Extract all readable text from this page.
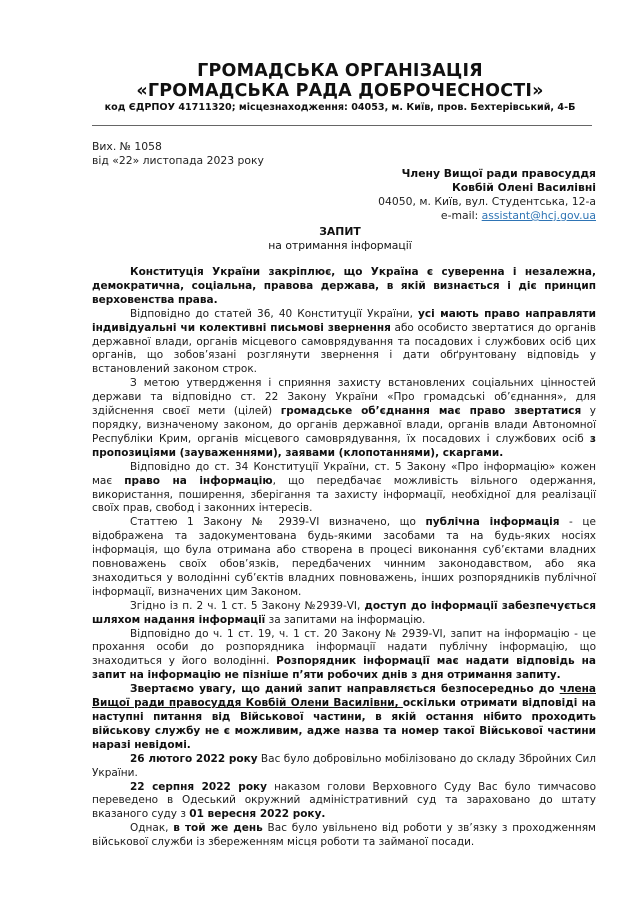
ГРОМАДСЬКА ОРГАНІЗАЦІЯ
«ГРОМАДСЬКА РАДА ДОБРОЧЕСНОСТІ»
код ЄДРПОУ 41711320; місцезнаходження: 04053, м. Київ, пров. Бехтерівський, 4-Б
Вих. № 1058
від «22» листопада 2023 року
Члену Вищої ради правосуддя
Ковбій Олені Василівні
04050, м. Київ, вул. Студентська, 12-а
e-mail: assistant@hcj.gov.ua
ЗАПИТ
на отримання інформації

Конституція України закріплює, що Україна є суверенна і незалежна, демократична, соціальна, правова держава, в якій визнається і діє принцип верховенства права.

Відповідно до статей 36, 40 Конституції України, усі мають право направляти індивідуальні чи колективні письмові звернення або особисто звертатися до органів державної влади, органів місцевого самоврядування та посадових і службових осіб цих органів, що зобов’язані розглянути звернення і дати обґрунтовану відповідь у встановлений законом строк.

З метою утвердження і сприяння захисту встановлених соціальних цінностей держави та відповідно ст. 22 Закону України «Про громадські об’єднання», для здійснення своєї мети (цілей) громадське об’єднання має право звертатися у порядку, визначеному законом, до органів державної влади, органів влади Автономної Республіки Крим, органів місцевого самоврядування, їх посадових і службових осіб з пропозиціями (зауваженнями), заявами (клопотаннями), скаргами.

Відповідно до ст. 34 Конституції України, ст. 5 Закону «Про інформацію» кожен має право на інформацію, що передбачає можливість вільного одержання, використання, поширення, зберігання та захисту інформації, необхідної для реалізації своїх прав, свобод і законних інтересів.

Статтею 1 Закону № 2939-VI визначено, що публічна інформація - це відображена та задокументована будь-якими засобами та на будь-яких носіях інформація, що була отримана або створена в процесі виконання суб’єктами владних повноважень своїх обов’язків, передбачених чинним законодавством, або яка знаходиться у володінні суб’єктів владних повноважень, інших розпорядників публічної інформації, визначених цим Законом.

Згідно із п. 2 ч. 1 ст. 5 Закону №2939-VI, доступ до інформації забезпечується шляхом надання інформації за запитами на інформацію.

Відповідно до ч. 1 ст. 19, ч. 1 ст. 20 Закону № 2939-VI, запит на інформацію - це прохання особи до розпорядника інформації надати публічну інформацію, що знаходиться у його володінні. Розпорядник інформації має надати відповідь на запит на інформацію не пізніше п’яти робочих днів з дня отримання запиту.

Звертаємо увагу, що даний запит направляється безпосередньо до члена Вищої ради правосуддя Ковбій Олени Василівни, оскільки отримати відповіді на наступні питання від Військової частини, в якій остання нібито проходить військову службу не є можливим, адже назва та номер такої Військової частини наразі невідомі.

26 лютого 2022 року Вас було добровільно мобілізовано до складу Збройних Сил України.

22 серпня 2022 року наказом голови Верховного Суду Вас було тимчасово переведено в Одеський окружний адміністративний суд та зараховано до штату вказаного суду з 01 вересня 2022 року.

Однак, в той же день Вас було увільнено від роботи у зв’язку з проходженням військової служби із збереженням місця роботи та займаної посади.
